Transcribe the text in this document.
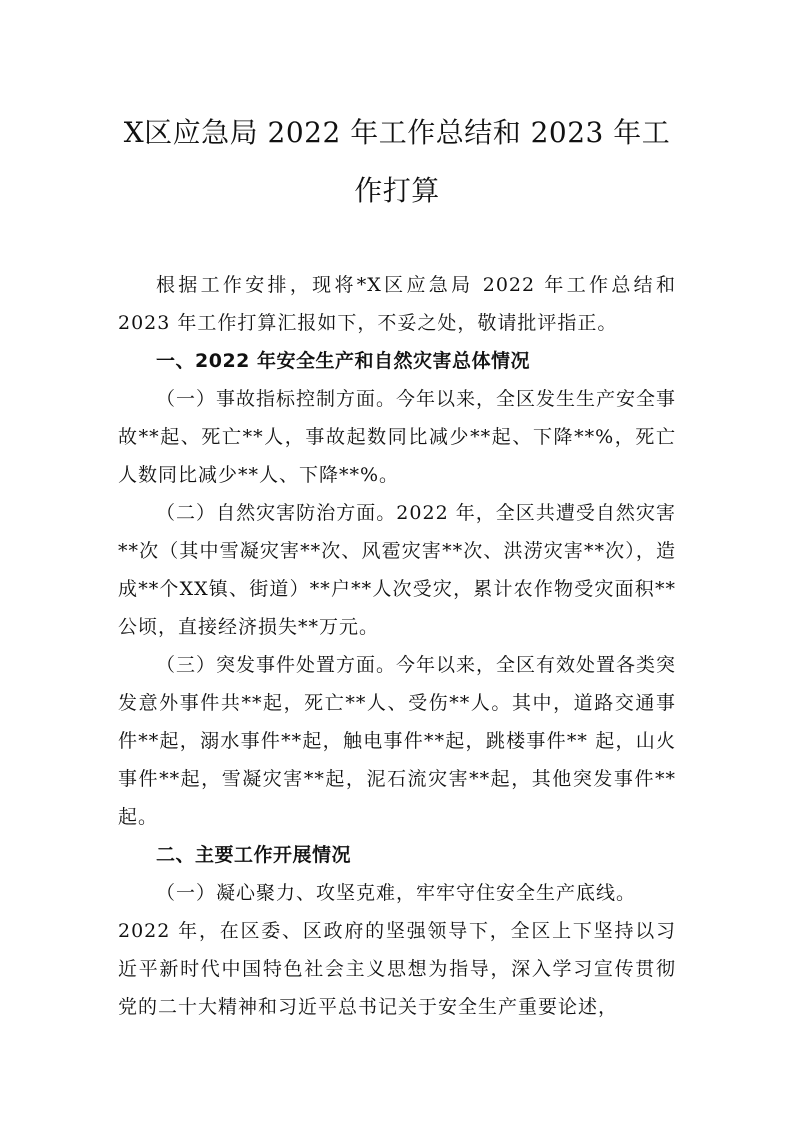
X区应急局 2022 年工作总结和 2023 年工
作打算

根据工作安排，现将*X区应急局 2022 年工作总结和 2023 年工作打算汇报如下，不妥之处，敬请批评指正。

一、2022 年安全生产和自然灾害总体情况

（一）事故指标控制方面。今年以来，全区发生生产安全事故**起、死亡**人，事故起数同比减少**起、下降**%，死亡人数同比减少**人、下降**%。

（二）自然灾害防治方面。2022 年，全区共遭受自然灾害**次（其中雪凝灾害**次、风雹灾害**次、洪涝灾害**次），造成**个XX镇、街道）**户**人次受灾，累计农作物受灾面积**公顷，直接经济损失**万元。

（三）突发事件处置方面。今年以来，全区有效处置各类突发意外事件共**起，死亡**人、受伤**人。其中，道路交通事件**起，溺水事件**起，触电事件**起，跳楼事件** 起，山火事件**起，雪凝灾害**起，泥石流灾害**起，其他突发事件**起。

二、主要工作开展情况

（一）凝心聚力、攻坚克难，牢牢守住安全生产底线。

2022 年，在区委、区政府的坚强领导下，全区上下坚持以习近平新时代中国特色社会主义思想为指导，深入学习宣传贯彻党的二十大精神和习近平总书记关于安全生产重要论述，
